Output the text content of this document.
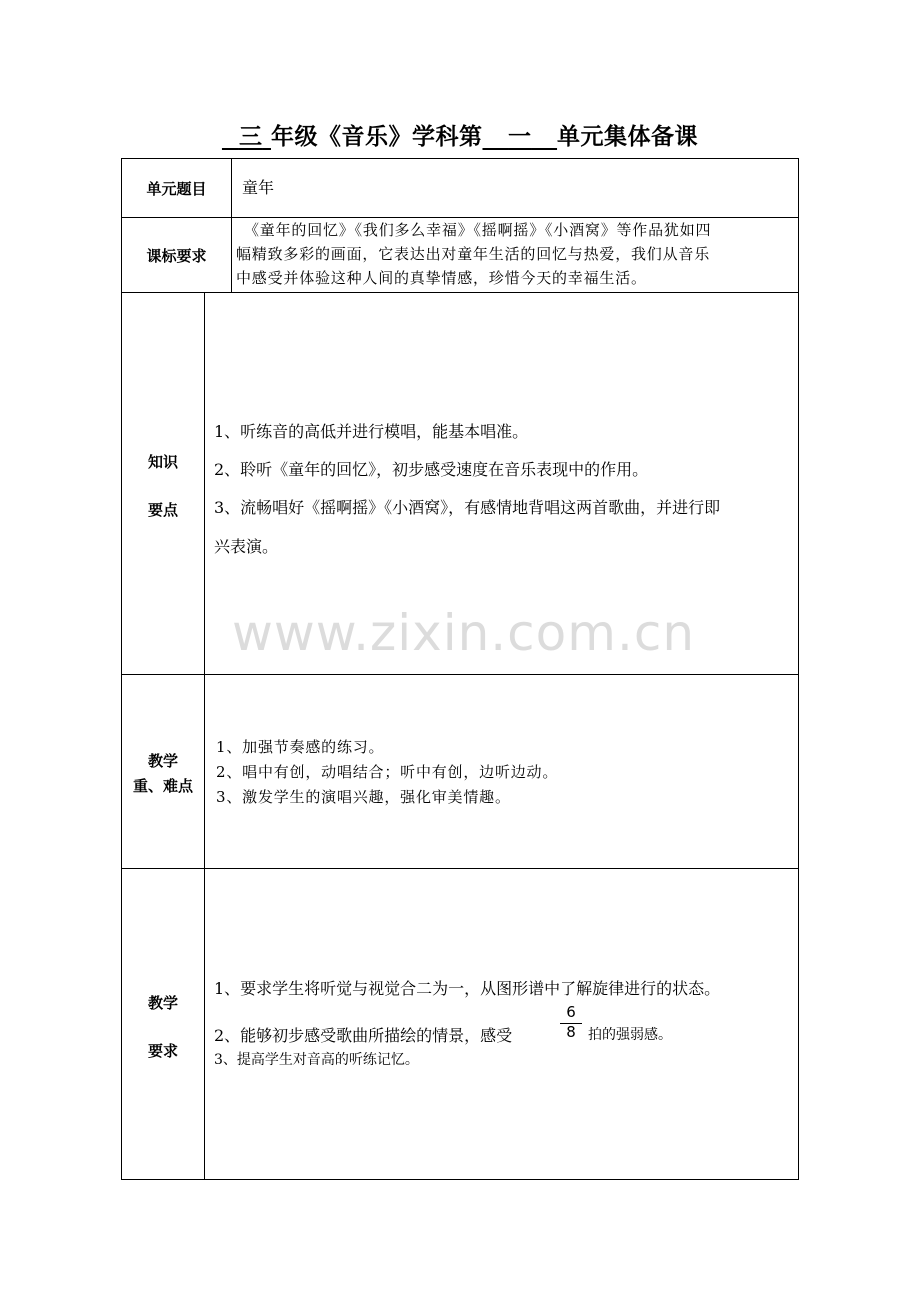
三 年级《音乐》学科第 一 单元集体备课
单元题目	童年
课标要求
《童年的回忆》《我们多么幸福》《摇啊摇》《小酒窝》等作品犹如四
幅精致多彩的画面，它表达出对童年生活的回忆与热爱，我们从音乐
中感受并体验这种人间的真挚情感，珍惜今天的幸福生活。
知识
要点
1、听练音的高低并进行模唱，能基本唱准。
2、聆听《童年的回忆》，初步感受速度在音乐表现中的作用。
3、流畅唱好《摇啊摇》《小酒窝》，有感情地背唱这两首歌曲，并进行即
兴表演。
www.zixin.com.cn
教学
重、难点
1、加强节奏感的练习。
2、唱中有创，动唱结合；听中有创，边听边动。
3、激发学生的演唱兴趣，强化审美情趣。
教学
要求
1、要求学生将听觉与视觉合二为一，从图形谱中了解旋律进行的状态。
2、能够初步感受歌曲所描绘的情景，感受
6
8 拍的强弱感。
3、提高学生对音高的听练记忆。
